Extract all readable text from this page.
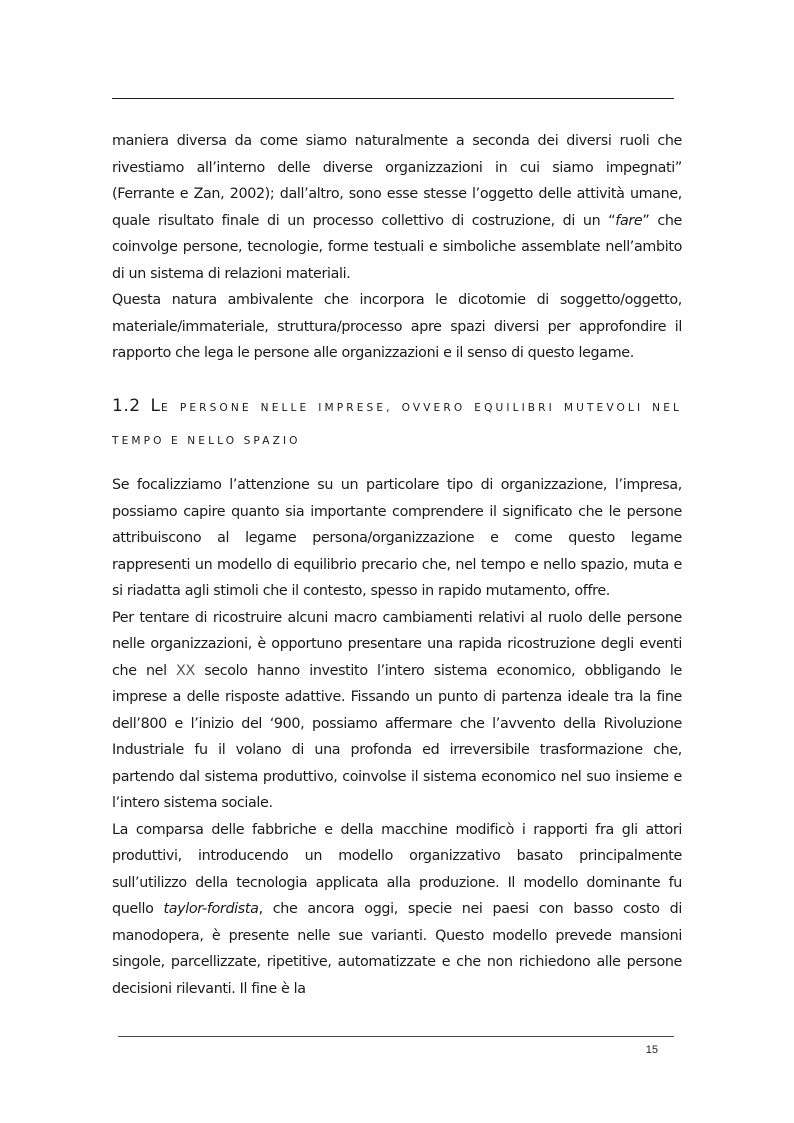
maniera diversa da come siamo naturalmente a seconda dei diversi ruoli che rivestiamo all’interno delle diverse organizzazioni in cui siamo impegnati” (Ferrante e Zan, 2002); dall’altro, sono esse stesse l’oggetto delle attività umane, quale risultato finale di un processo collettivo di costruzione, di un “fare” che coinvolge persone, tecnologie, forme testuali e simboliche assemblate nell’ambito di un sistema di relazioni materiali.

Questa natura ambivalente che incorpora le dicotomie di soggetto/oggetto, materiale/immateriale, struttura/processo apre spazi diversi per approfondire il rapporto che lega le persone alle organizzazioni e il senso di questo legame.

1.2 LE PERSONE NELLE IMPRESE, OVVERO EQUILIBRI MUTEVOLI NEL TEMPO E NELLO SPAZIO

Se focalizziamo l’attenzione su un particolare tipo di organizzazione, l’impresa, possiamo capire quanto sia importante comprendere il significato che le persone attribuiscono al legame persona/organizzazione e come questo legame rappresenti un modello di equilibrio precario che, nel tempo e nello spazio, muta e si riadatta agli stimoli che il contesto, spesso in rapido mutamento, offre.

Per tentare di ricostruire alcuni macro cambiamenti relativi al ruolo delle persone nelle organizzazioni, è opportuno presentare una rapida ricostruzione degli eventi che nel XX secolo hanno investito l’intero sistema economico, obbligando le imprese a delle risposte adattive. Fissando un punto di partenza ideale tra la fine dell’800 e l’inizio del ‘900, possiamo affermare che l’avvento della Rivoluzione Industriale fu il volano di una profonda ed irreversibile trasformazione che, partendo dal sistema produttivo, coinvolse il sistema economico nel suo insieme e l’intero sistema sociale.

La comparsa delle fabbriche e della macchine modificò i rapporti fra gli attori produttivi, introducendo un modello organizzativo basato principalmente sull’utilizzo della tecnologia applicata alla produzione. Il modello dominante fu quello taylor-fordista, che ancora oggi, specie nei paesi con basso costo di manodopera, è presente nelle sue varianti. Questo modello prevede mansioni singole, parcellizzate, ripetitive, automatizzate e che non richiedono alle persone decisioni rilevanti. Il fine è la

15
